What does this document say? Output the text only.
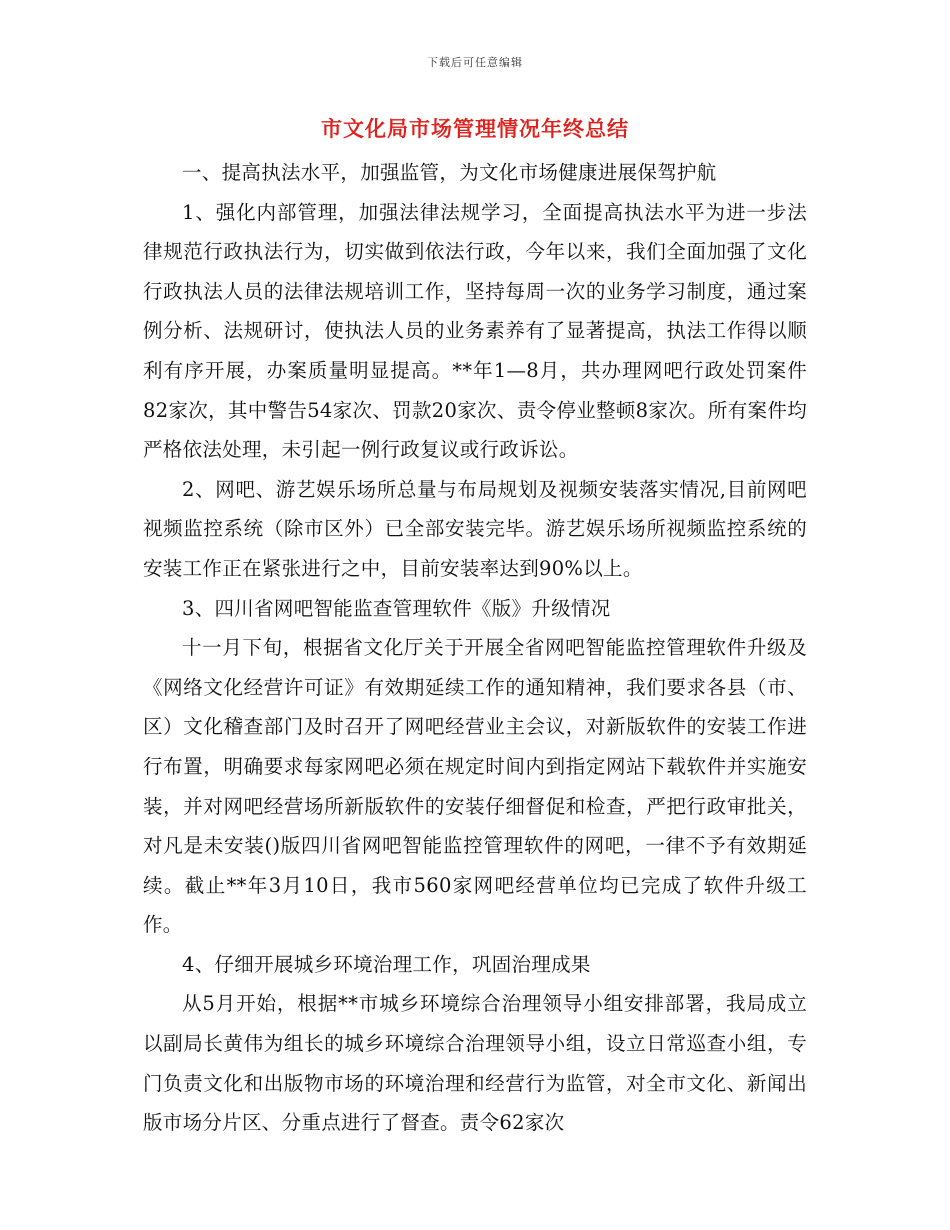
下载后可任意编辑
市文化局市场管理情况年终总结

一、提高执法水平，加强监管，为文化市场健康进展保驾护航

1、强化内部管理，加强法律法规学习，全面提高执法水平为进一步法律规范行政执法行为，切实做到依法行政，今年以来，我们全面加强了文化行政执法人员的法律法规培训工作，坚持每周一次的业务学习制度，通过案例分析、法规研讨，使执法人员的业务素养有了显著提高，执法工作得以顺利有序开展，办案质量明显提高。**年1—8月，共办理网吧行政处罚案件82家次，其中警告54家次、罚款20家次、责令停业整顿8家次。所有案件均严格依法处理，未引起一例行政复议或行政诉讼。

2、网吧、游艺娱乐场所总量与布局规划及视频安装落实情况,目前网吧视频监控系统（除市区外）已全部安装完毕。游艺娱乐场所视频监控系统的安装工作正在紧张进行之中，目前安装率达到90%以上。

3、四川省网吧智能监查管理软件《版》升级情况

十一月下旬，根据省文化厅关于开展全省网吧智能监控管理软件升级及《网络文化经营许可证》有效期延续工作的通知精神，我们要求各县（市、区）文化稽查部门及时召开了网吧经营业主会议，对新版软件的安装工作进行布置，明确要求每家网吧必须在规定时间内到指定网站下载软件并实施安装，并对网吧经营场所新版软件的安装仔细督促和检查，严把行政审批关，对凡是未安装()版四川省网吧智能监控管理软件的网吧，一律不予有效期延续。截止**年3月10日，我市560家网吧经营单位均已完成了软件升级工作。

4、仔细开展城乡环境治理工作，巩固治理成果

从5月开始，根据**市城乡环境综合治理领导小组安排部署，我局成立以副局长黄伟为组长的城乡环境综合治理领导小组，设立日常巡查小组，专门负责文化和出版物市场的环境治理和经营行为监管，对全市文化、新闻出版市场分片区、分重点进行了督查。责令62家次
